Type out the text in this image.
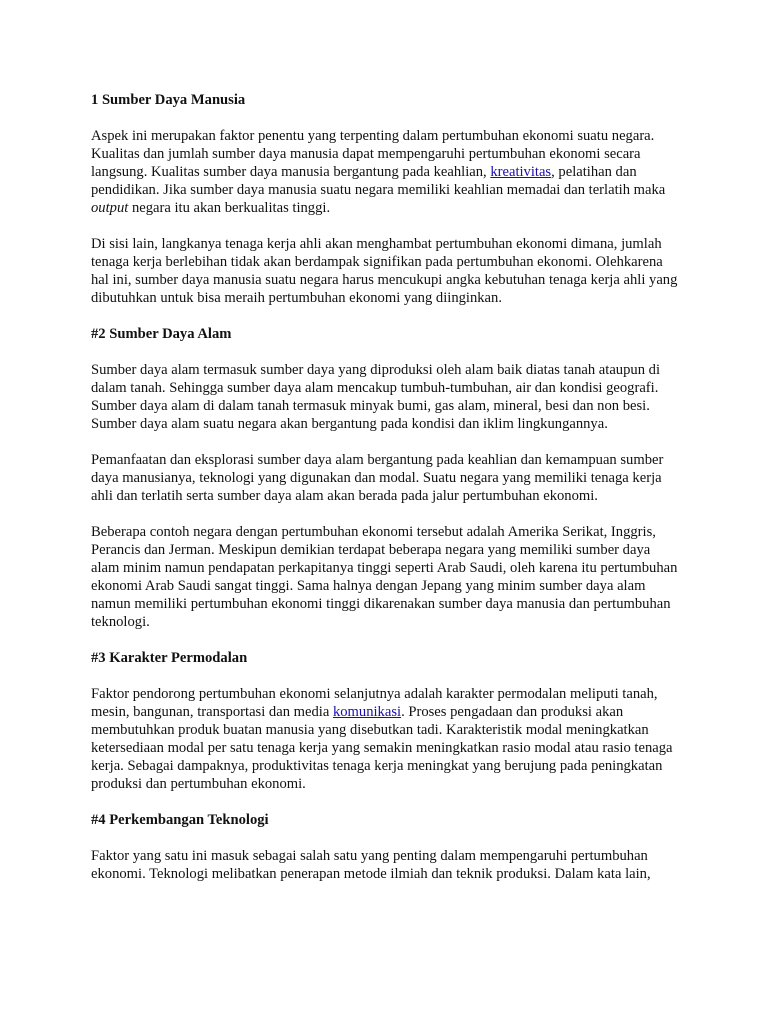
1 Sumber Daya Manusia

Aspek ini merupakan faktor penentu yang terpenting dalam pertumbuhan ekonomi suatu negara. Kualitas dan jumlah sumber daya manusia dapat mempengaruhi pertumbuhan ekonomi secara langsung. Kualitas sumber daya manusia bergantung pada keahlian, kreativitas, pelatihan dan pendidikan. Jika sumber daya manusia suatu negara memiliki keahlian memadai dan terlatih maka output negara itu akan berkualitas tinggi.

Di sisi lain, langkanya tenaga kerja ahli akan menghambat pertumbuhan ekonomi dimana, jumlah tenaga kerja berlebihan tidak akan berdampak signifikan pada pertumbuhan ekonomi. Olehkarena hal ini, sumber daya manusia suatu negara harus mencukupi angka kebutuhan tenaga kerja ahli yang dibutuhkan untuk bisa meraih pertumbuhan ekonomi yang diinginkan.

#2 Sumber Daya Alam

Sumber daya alam termasuk sumber daya yang diproduksi oleh alam baik diatas tanah ataupun di dalam tanah. Sehingga sumber daya alam mencakup tumbuh-tumbuhan, air dan kondisi geografi. Sumber daya alam di dalam tanah termasuk minyak bumi, gas alam, mineral, besi dan non besi. Sumber daya alam suatu negara akan bergantung pada kondisi dan iklim lingkungannya.

Pemanfaatan dan eksplorasi sumber daya alam bergantung pada keahlian dan kemampuan sumber daya manusianya, teknologi yang digunakan dan modal. Suatu negara yang memiliki tenaga kerja ahli dan terlatih serta sumber daya alam akan berada pada jalur pertumbuhan ekonomi.

Beberapa contoh negara dengan pertumbuhan ekonomi tersebut adalah Amerika Serikat, Inggris, Perancis dan Jerman. Meskipun demikian terdapat beberapa negara yang memiliki sumber daya alam minim namun pendapatan perkapitanya tinggi seperti Arab Saudi, oleh karena itu pertumbuhan ekonomi Arab Saudi sangat tinggi. Sama halnya dengan Jepang yang minim sumber daya alam namun memiliki pertumbuhan ekonomi tinggi dikarenakan sumber daya manusia dan pertumbuhan teknologi.

#3 Karakter Permodalan

Faktor pendorong pertumbuhan ekonomi selanjutnya adalah karakter permodalan meliputi tanah, mesin, bangunan, transportasi dan media komunikasi. Proses pengadaan dan produksi akan membutuhkan produk buatan manusia yang disebutkan tadi. Karakteristik modal meningkatkan ketersediaan modal per satu tenaga kerja yang semakin meningkatkan rasio modal atau rasio tenaga kerja. Sebagai dampaknya, produktivitas tenaga kerja meningkat yang berujung pada peningkatan produksi dan pertumbuhan ekonomi.

#4 Perkembangan Teknologi

Faktor yang satu ini masuk sebagai salah satu yang penting dalam mempengaruhi pertumbuhan ekonomi. Teknologi melibatkan penerapan metode ilmiah dan teknik produksi. Dalam kata lain,
